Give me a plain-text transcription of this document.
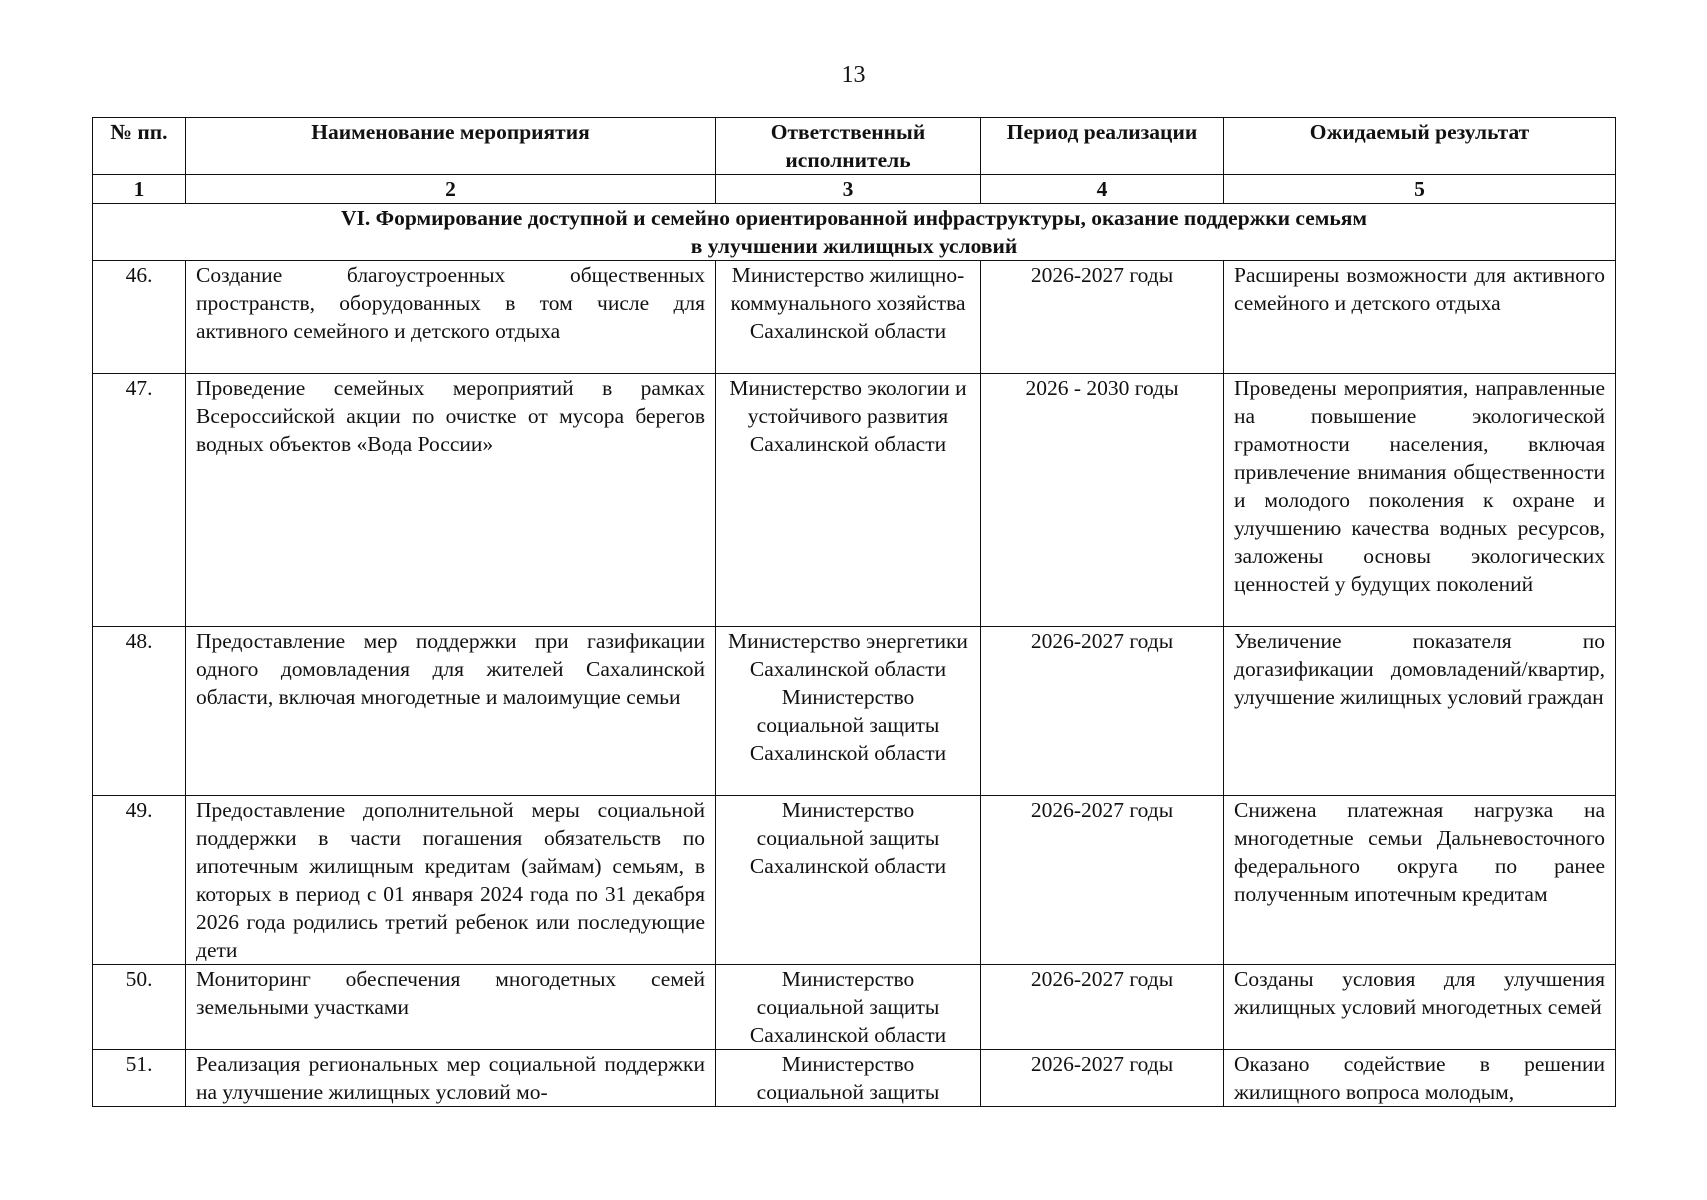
13
№ пп.	Наименование мероприятия	Ответственный исполнитель	Период реализации	Ожидаемый результат
1	2	3	4	5

VI. Формирование доступной и семейно ориентированной инфраструктуры, оказание поддержки семьям
в улучшении жилищных условий				

46.	Создание благоустроенных общественных пространств, оборудованных в том числе для активного семейного и детского отдыха	Министерство жилищно-коммунального хозяйства Сахалинской области	2026-2027 годы	Расширены возможности для активного семейного и детского отдыха
47.	Проведение семейных мероприятий в рамках Всероссийской акции по очистке от мусора берегов водных объектов «Вода России»	Министерство экологии и устойчивого развития Сахалинской области	2026 - 2030 годы	Проведены мероприятия, направленные на повышение экологической грамотности населения, включая привлечение внимания общественности и молодого поколения к охране и улучшению качества водных ресурсов, заложены основы экологических ценностей у будущих поколений
48.	Предоставление мер поддержки при газификации одного домовладения для жителей Сахалинской области, включая многодетные и малоимущие семьи	Министерство энергетики Сахалинской области Министерство социальной защиты Сахалинской области	2026-2027 годы	Увеличение показателя по догазификации домовладений/квартир, улучшение жилищных условий граждан
49.	Предоставление дополнительной меры социальной поддержки в части погашения обязательств по ипотечным жилищным кредитам (займам) семьям, в которых в период с 01 января 2024 года по 31 декабря 2026 года родились третий ребенок или последующие дети	Министерство социальной защиты Сахалинской области	2026-2027 годы	Снижена платежная нагрузка на многодетные семьи Дальневосточного федерального округа по ранее полученным ипотечным кредитам
50.	Мониторинг обеспечения многодетных семей земельными участками	Министерство социальной защиты Сахалинской области	2026-2027 годы	Созданы условия для улучшения жилищных условий многодетных семей
51.	Реализация региональных мер социальной поддержки на улучшение жилищных условий мо-	Министерство социальной защиты	2026-2027 годы	Оказано содействие в решении жилищного вопроса молодым,
